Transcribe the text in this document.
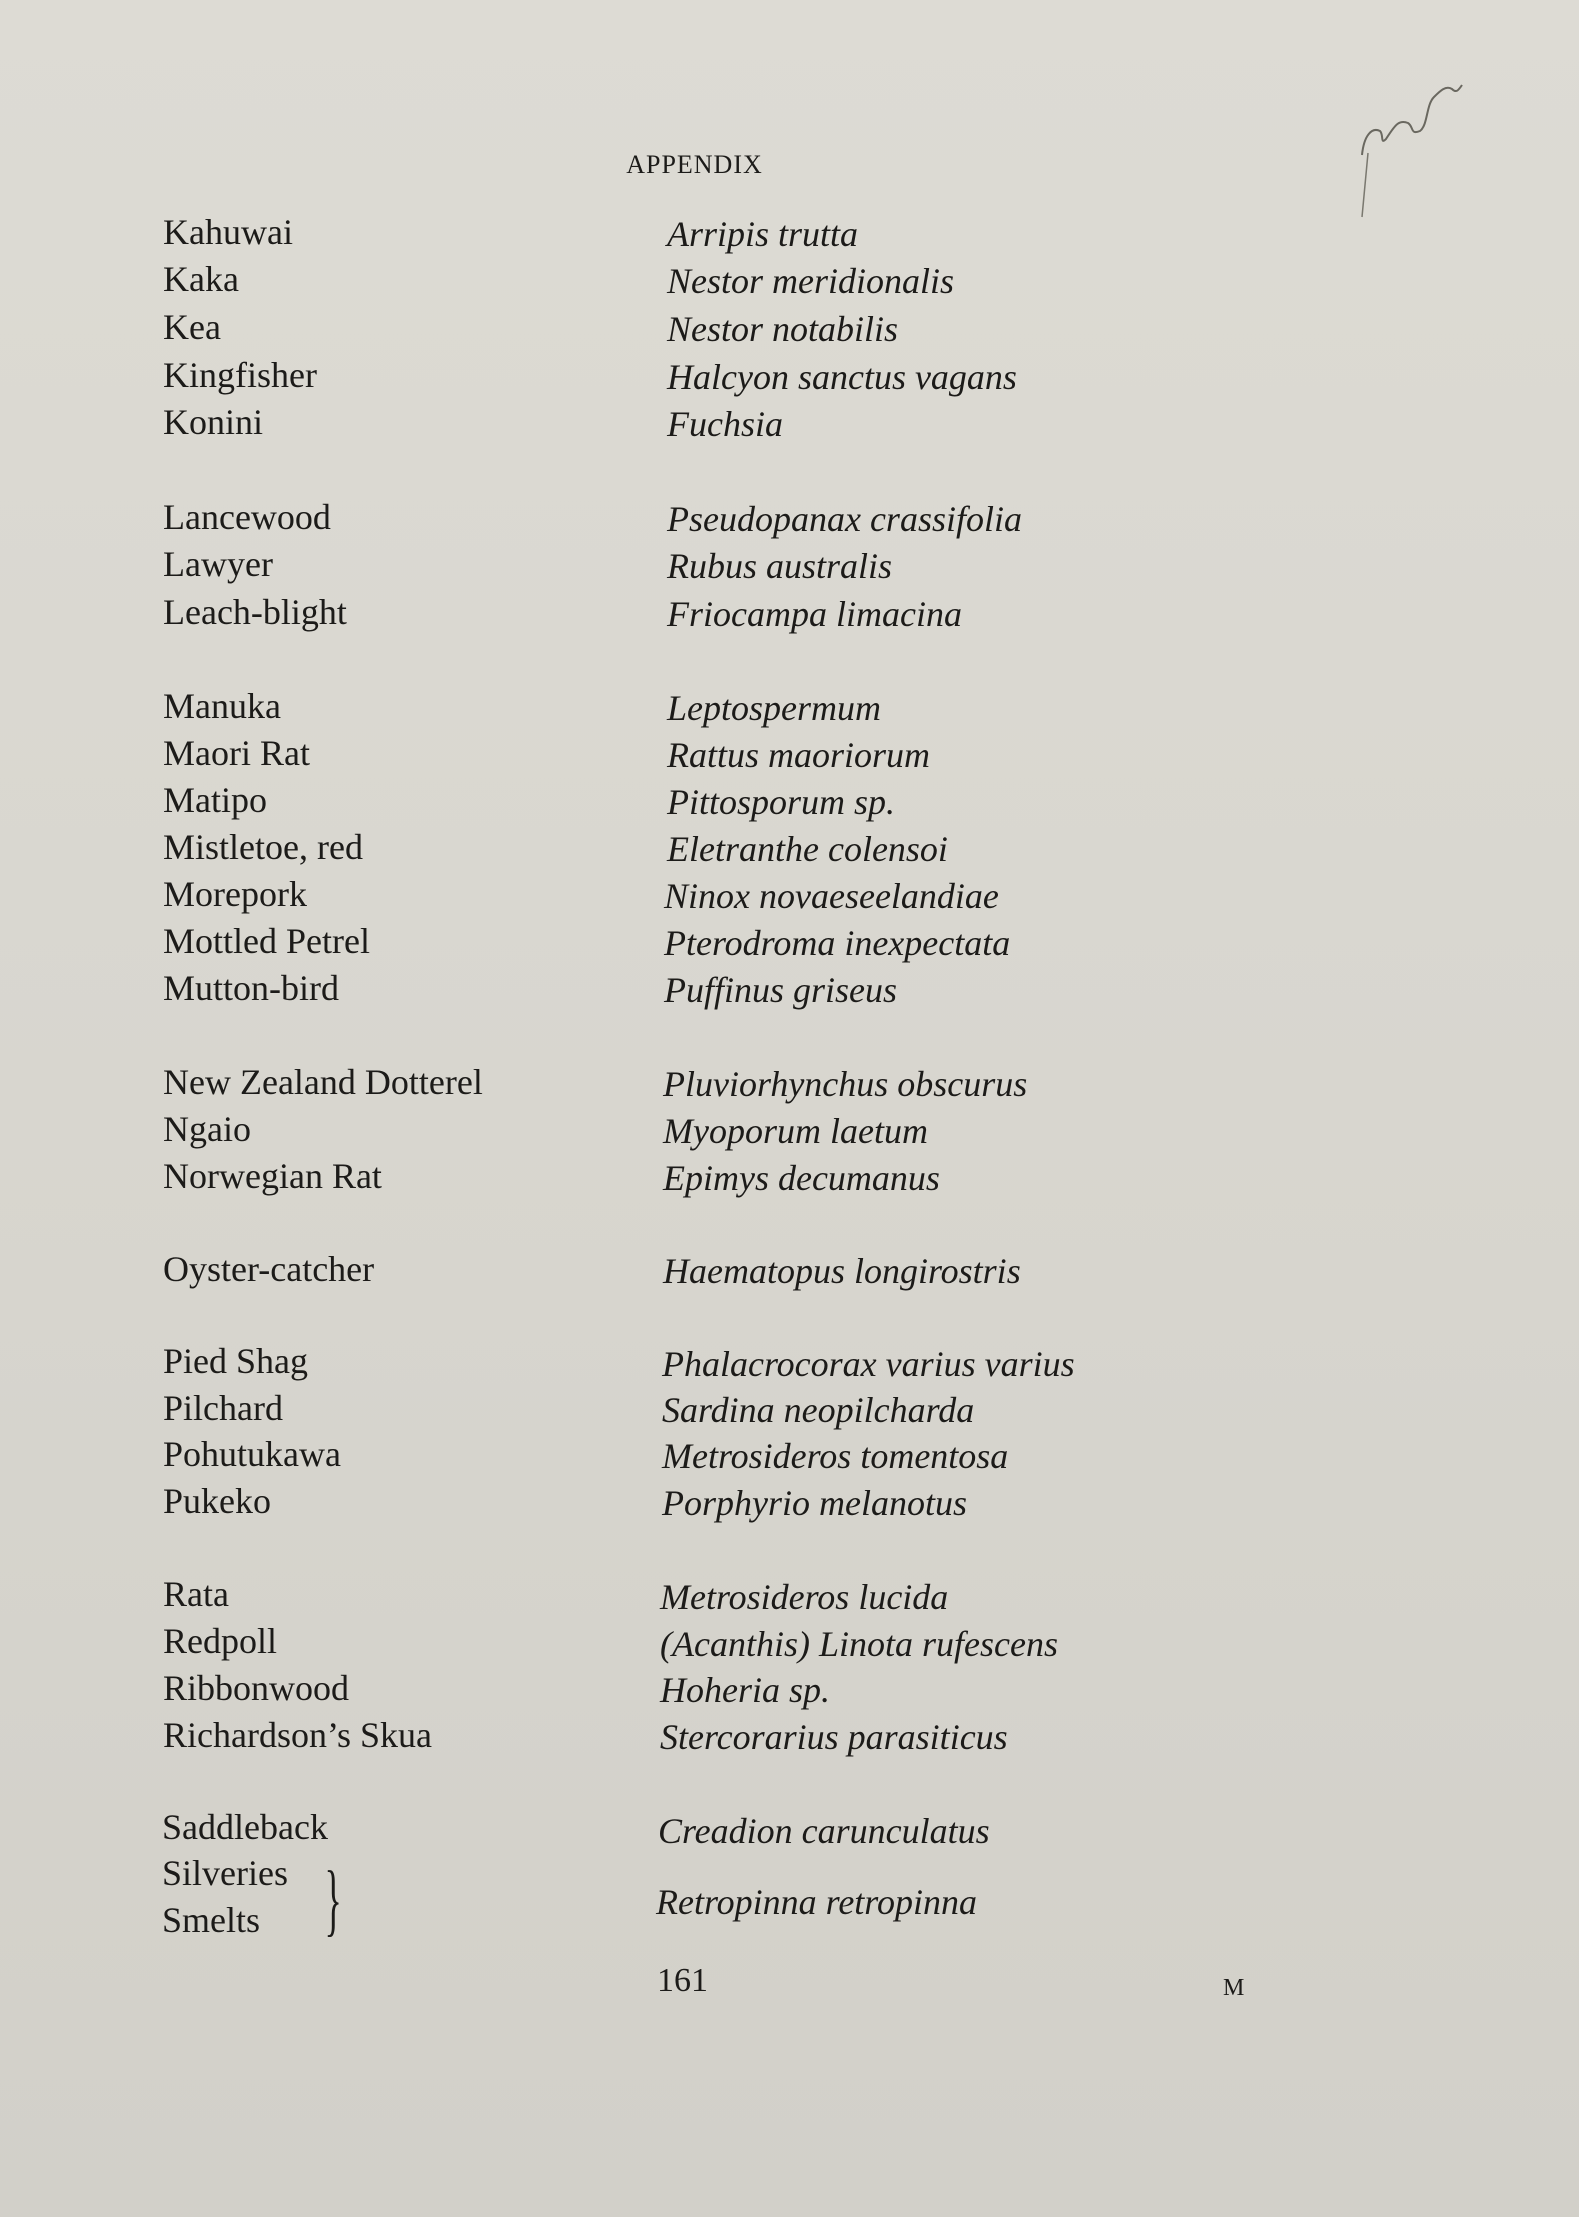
APPENDIX
Kahuwai	Arripis trutta
Kaka	Nestor meridionalis
Kea	Nestor notabilis
Kingfisher	Halcyon sanctus vagans
Konini	Fuchsia
Lancewood	Pseudopanax crassifolia
Lawyer	Rubus australis
Leach-blight	Friocampa limacina
Manuka	Leptospermum
Maori Rat	Rattus maoriorum
Matipo	Pittosporum sp.
Mistletoe, red	Eletranthe colensoi
Morepork	Ninox novaeseelandiae
Mottled Petrel	Pterodroma inexpectata
Mutton-bird	Puffinus griseus
New Zealand Dotterel	Pluviorhynchus obscurus
Ngaio	Myoporum laetum
Norwegian Rat	Epimys decumanus
Oyster-catcher	Haematopus longirostris
Pied Shag	Phalacrocorax varius varius
Pilchard	Sardina neopilcharda
Pohutukawa	Metrosideros tomentosa
Pukeko	Porphyrio melanotus
Rata	Metrosideros lucida
Redpoll	(Acanthis) Linota rufescens
Ribbonwood	Hoheria sp.
Richardson’s Skua	Stercorarius parasiticus
Saddleback	Creadion carunculatus
Silveries
Smelts }	Retropinna retropinna
161	M
